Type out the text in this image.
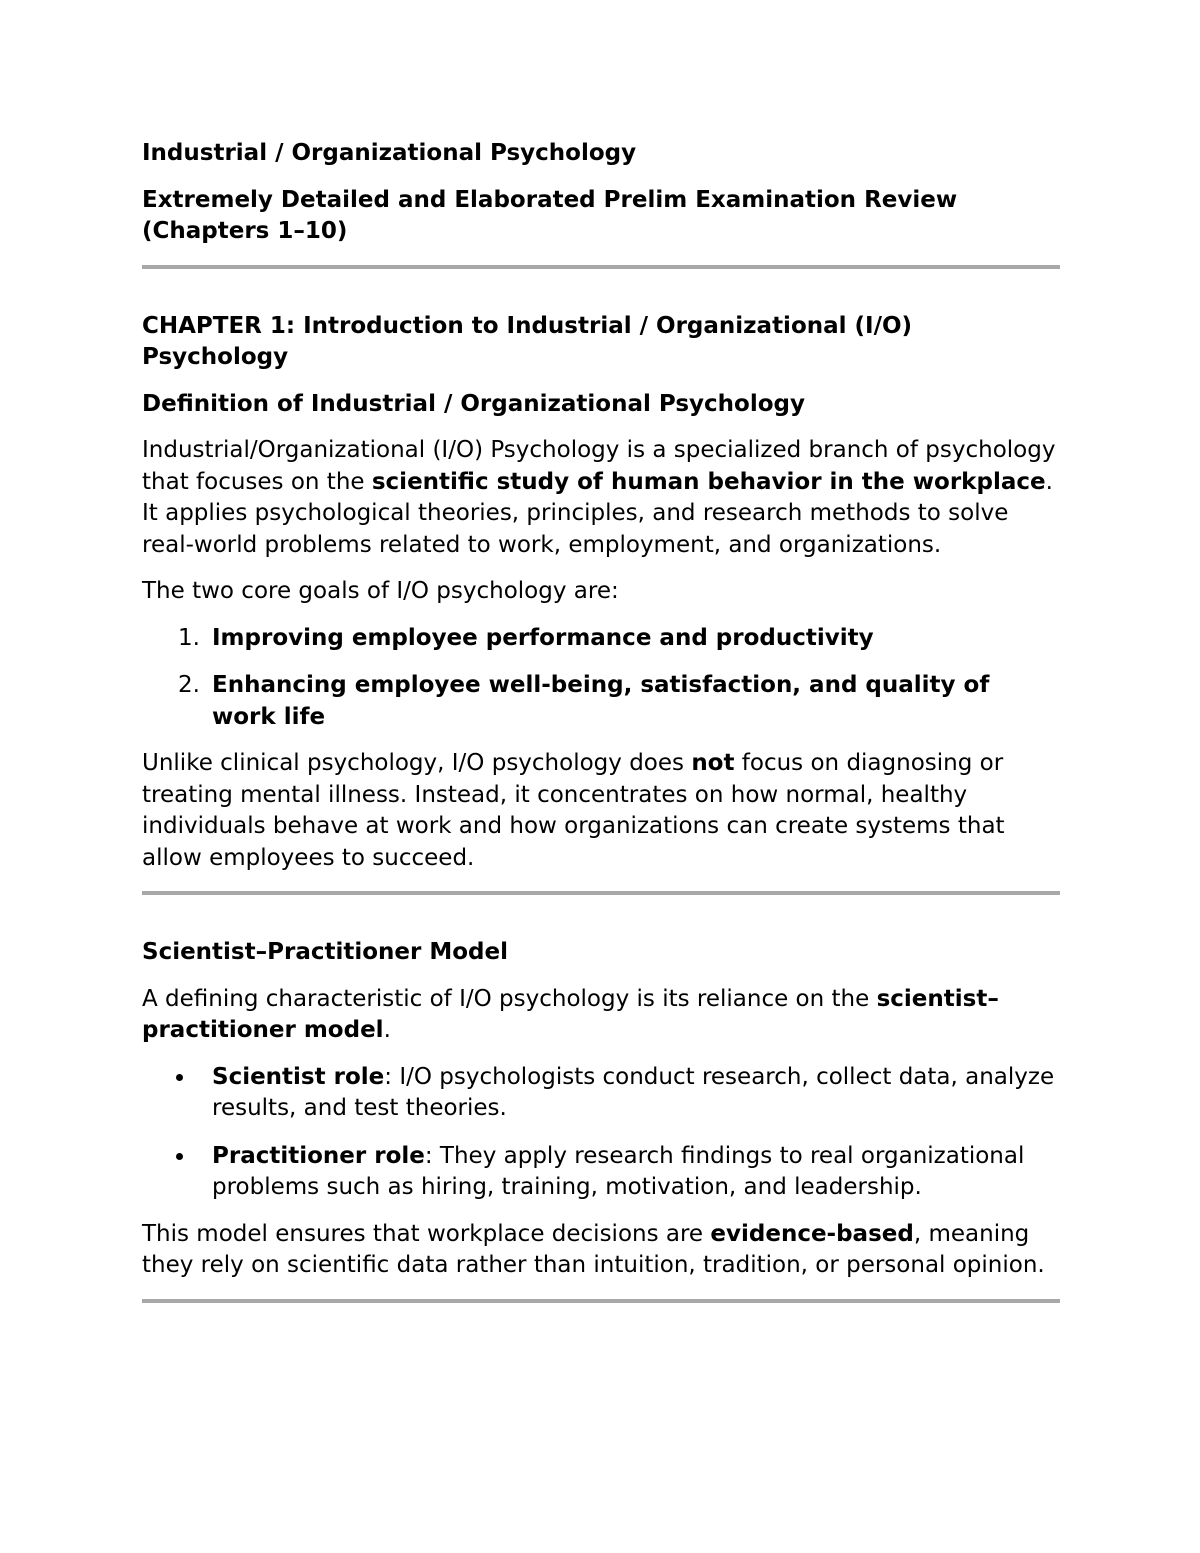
Industrial / Organizational Psychology

Extremely Detailed and Elaborated Prelim Examination Review (Chapters 1–10)

CHAPTER 1: Introduction to Industrial / Organizational (I/O) Psychology

Definition of Industrial / Organizational Psychology

Industrial/Organizational (I/O) Psychology is a specialized branch of psychology that focuses on the scientific study of human behavior in the workplace. It applies psychological theories, principles, and research methods to solve real-world problems related to work, employment, and organizations.

The two core goals of I/O psychology are:

1. Improving employee performance and productivity
2. Enhancing employee well-being, satisfaction, and quality of work life

Unlike clinical psychology, I/O psychology does not focus on diagnosing or treating mental illness. Instead, it concentrates on how normal, healthy individuals behave at work and how organizations can create systems that allow employees to succeed.

Scientist–Practitioner Model

A defining characteristic of I/O psychology is its reliance on the scientist–practitioner model.

Scientist role: I/O psychologists conduct research, collect data, analyze results, and test theories.
Practitioner role: They apply research findings to real organizational problems such as hiring, training, motivation, and leadership.

This model ensures that workplace decisions are evidence-based, meaning they rely on scientific data rather than intuition, tradition, or personal opinion.
